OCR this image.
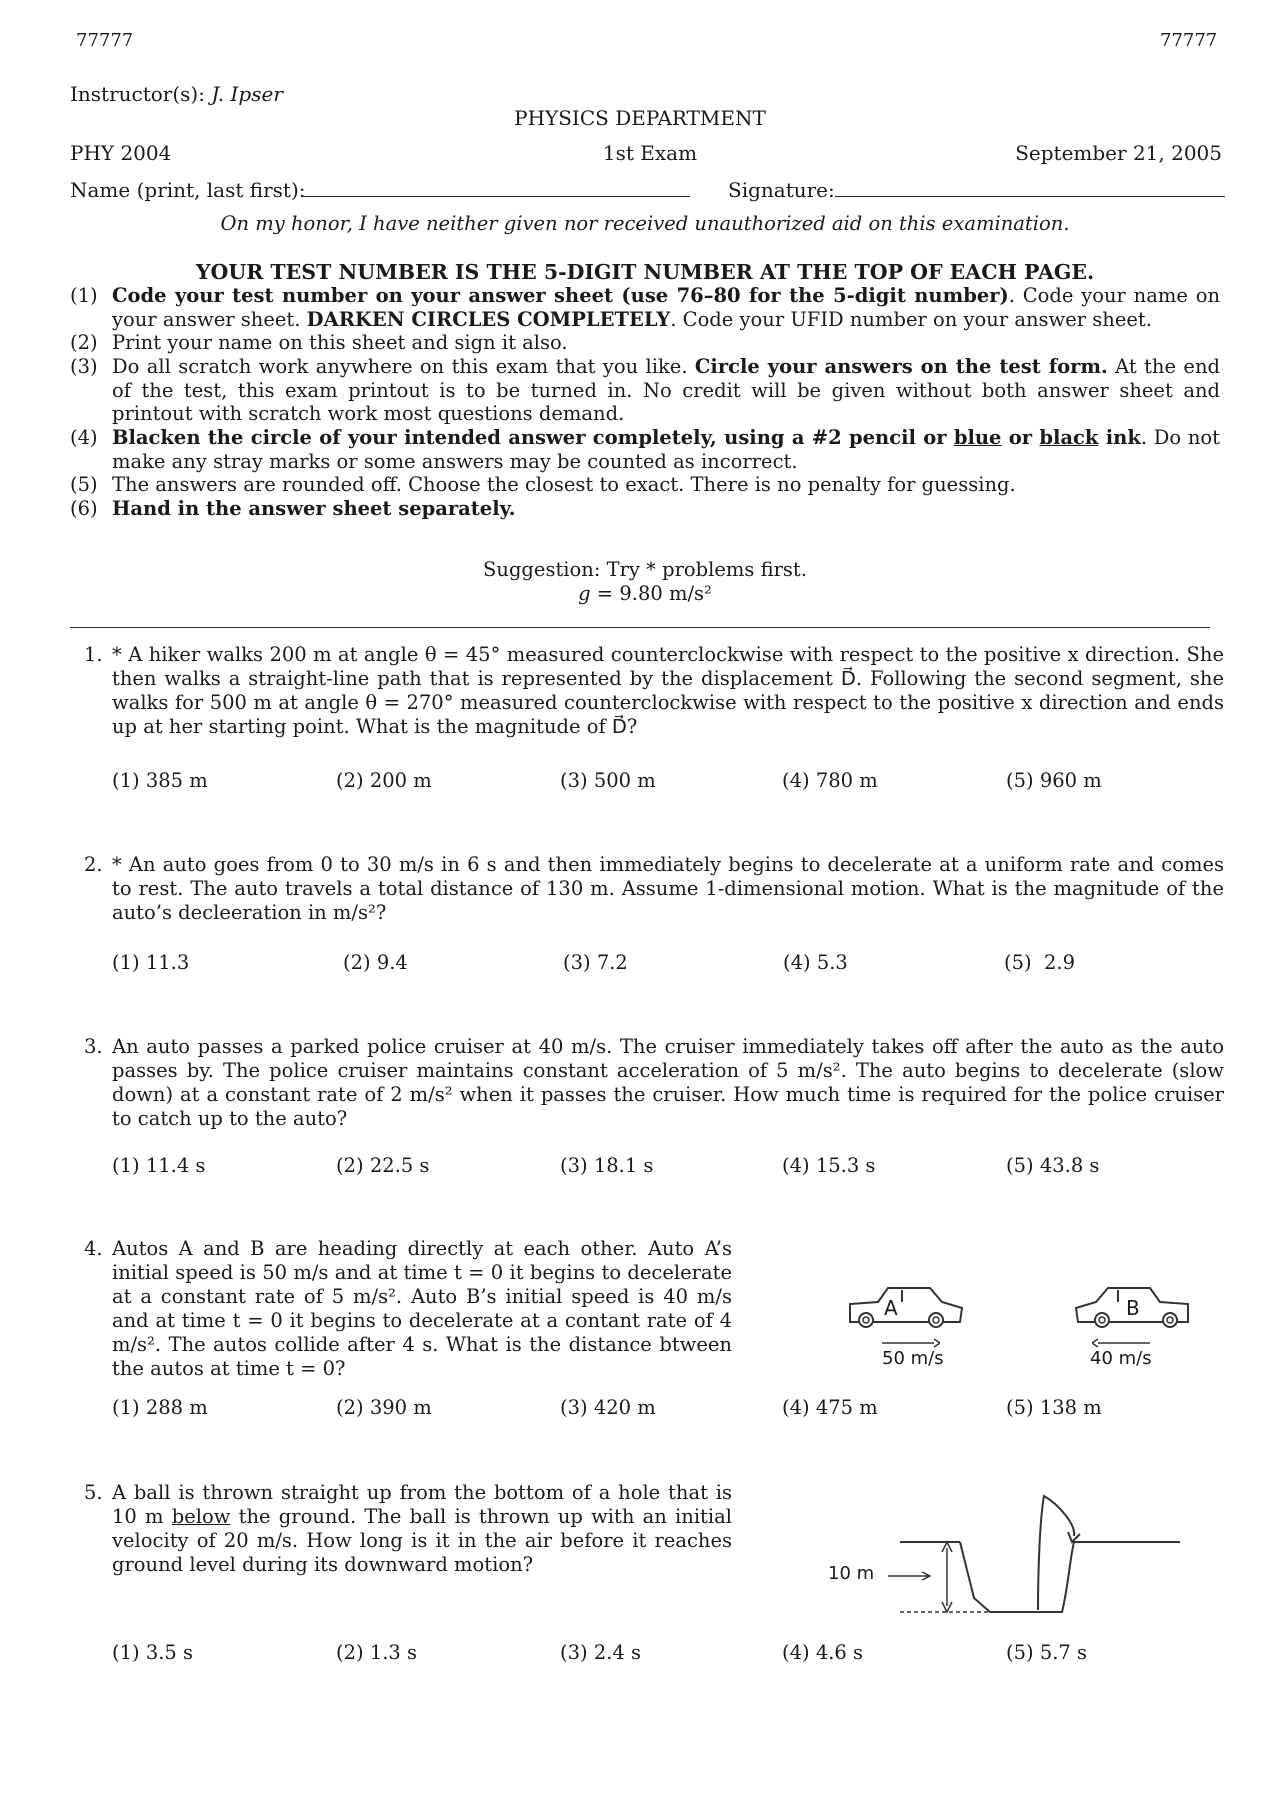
77777	77777
Instructor(s): J. Ipser
PHYSICS DEPARTMENT
PHY 2004	1st Exam	September 21, 2005
Name (print, last first):	Signature:
On my honor, I have neither given nor received unauthorized aid on this examination.
YOUR TEST NUMBER IS THE 5-DIGIT NUMBER AT THE TOP OF EACH PAGE.
(1) Code your test number on your answer sheet (use 76–80 for the 5-digit number). Code your name on your answer sheet. DARKEN CIRCLES COMPLETELY. Code your UFID number on your answer sheet.
(2) Print your name on this sheet and sign it also.
(3) Do all scratch work anywhere on this exam that you like. Circle your answers on the test form. At the end of the test, this exam printout is to be turned in. No credit will be given without both answer sheet and printout with scratch work most questions demand.
(4) Blacken the circle of your intended answer completely, using a #2 pencil or blue or black ink. Do not make any stray marks or some answers may be counted as incorrect.
(5) The answers are rounded off. Choose the closest to exact. There is no penalty for guessing.
(6) Hand in the answer sheet separately.
Suggestion: Try * problems first.
g = 9.80 m/s²
1. * A hiker walks 200 m at angle θ = 45° measured counterclockwise with respect to the positive x direction. She then walks a straight-line path that is represented by the displacement D⃗. Following the second segment, she walks for 500 m at angle θ = 270° measured counterclockwise with respect to the positive x direction and ends up at her starting point. What is the magnitude of D⃗?
(1) 385 m	(2) 200 m	(3) 500 m	(4) 780 m	(5) 960 m
2. * An auto goes from 0 to 30 m/s in 6 s and then immediately begins to decelerate at a uniform rate and comes to rest. The auto travels a total distance of 130 m. Assume 1-dimensional motion. What is the magnitude of the auto’s decleeration in m/s²?
(1) 11.3	(2) 9.4	(3) 7.2	(4) 5.3	(5)  2.9
3. An auto passes a parked police cruiser at 40 m/s. The cruiser immediately takes off after the auto as the auto passes by. The police cruiser maintains constant acceleration of 5 m/s². The auto begins to decelerate (slow down) at a constant rate of 2 m/s² when it passes the cruiser. How much time is required for the police cruiser to catch up to the auto?
(1) 11.4 s	(2) 22.5 s	(3) 18.1 s	(4) 15.3 s	(5) 43.8 s
4. Autos A and B are heading directly at each other. Auto A’s initial speed is 50 m/s and at time t = 0 it begins to decelerate at a constant rate of 5 m/s². Auto B’s initial speed is 40 m/s and at time t = 0 it begins to decelerate at a contant rate of 4 m/s². The autos collide after 4 s. What is the distance btween the autos at time t = 0?
A
50 m/s
B
40 m/s
(1) 288 m	(2) 390 m	(3) 420 m	(4) 475 m	(5) 138 m
5. A ball is thrown straight up from the bottom of a hole that is 10 m below the ground. The ball is thrown up with an initial velocity of 20 m/s. How long is it in the air before it reaches ground level during its downward motion?	10 m
(1) 3.5 s	(2) 1.3 s	(3) 2.4 s	(4) 4.6 s	(5) 5.7 s
